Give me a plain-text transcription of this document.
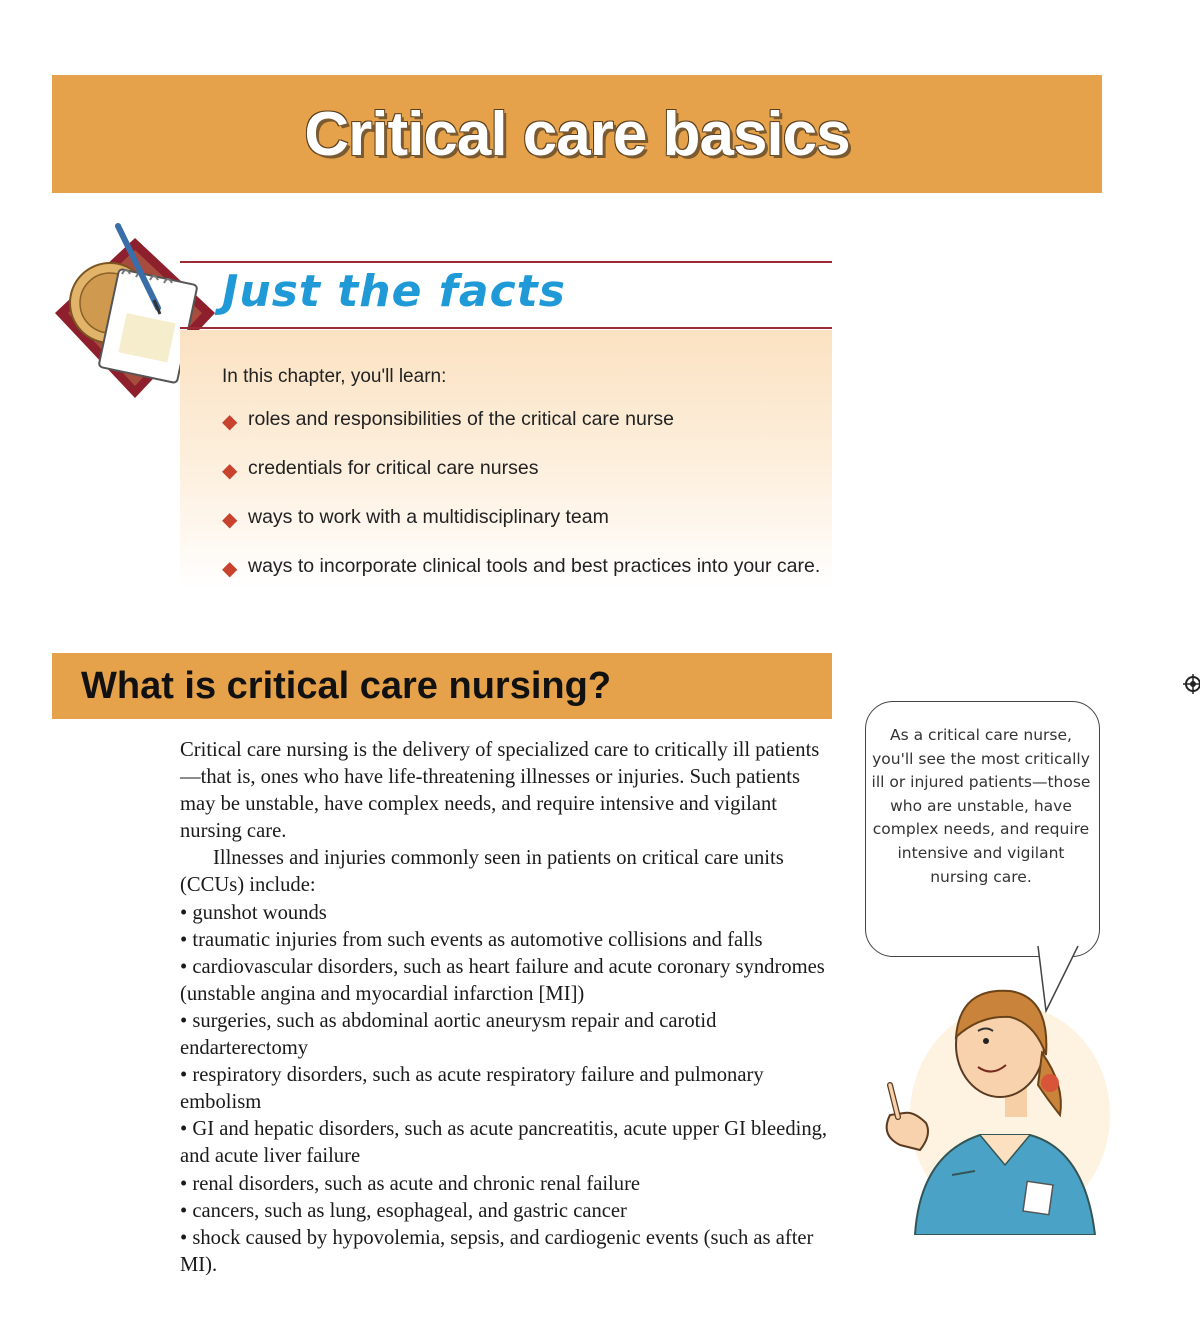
Critical care basics
Just the facts

In this chapter, you'll learn:

◆ roles and responsibilities of the critical care nurse
◆ credentials for critical care nurses
◆ ways to work with a multidisciplinary team
◆ ways to incorporate clinical tools and best practices into your care.
What is critical care nursing?

Critical care nursing is the delivery of specialized care to critically ill patients—that is, ones who have life-threatening illnesses or injuries. Such patients may be unstable, have complex needs, and require intensive and vigilant nursing care.

Illnesses and injuries commonly seen in patients on critical care units (CCUs) include:

• gunshot wounds
• traumatic injuries from such events as automotive collisions and falls
• cardiovascular disorders, such as heart failure and acute coronary syndromes (unstable angina and myocardial infarction [MI])
• surgeries, such as abdominal aortic aneurysm repair and carotid endarterectomy
• respiratory disorders, such as acute respiratory failure and pulmonary embolism
• GI and hepatic disorders, such as acute pancreatitis, acute upper GI bleeding, and acute liver failure
• renal disorders, such as acute and chronic renal failure
• cancers, such as lung, esophageal, and gastric cancer
• shock caused by hypovolemia, sepsis, and cardiogenic events (such as after MI).

As a critical care nurse, you'll see the most critically ill or injured patients—those who are unstable, have complex needs, and require intensive and vigilant nursing care.
